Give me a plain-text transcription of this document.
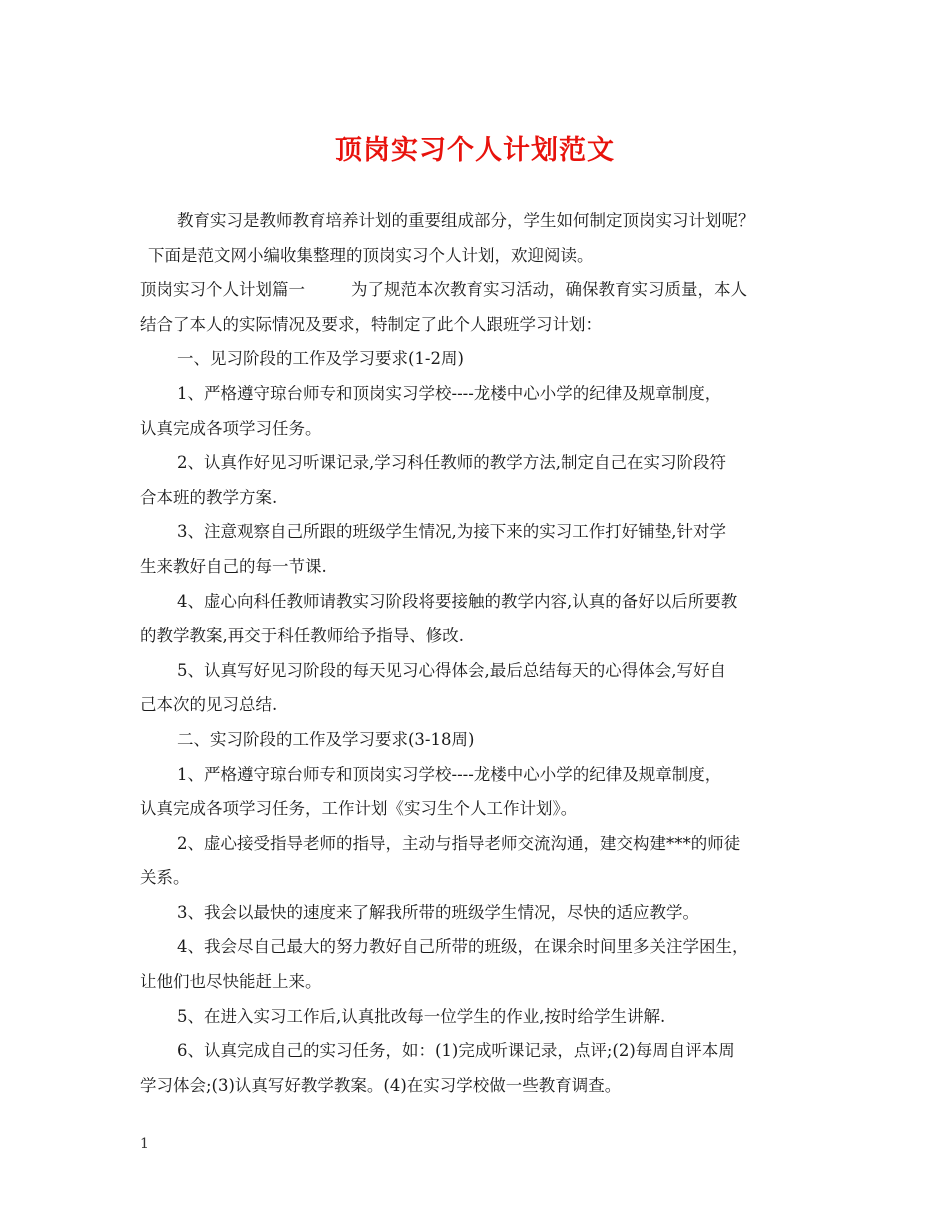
顶岗实习个人计划范文

教育实习是教师教育培养计划的重要组成部分，学生如何制定顶岗实习计划呢？

下面是范文网小编收集整理的顶岗实习个人计划，欢迎阅读。

顶岗实习个人计划篇一	为了规范本次教育实习活动，确保教育实习质量，本人

结合了本人的实际情况及要求，特制定了此个人跟班学习计划：

一、见习阶段的工作及学习要求(1-2周)

1、严格遵守琼台师专和顶岗实习学校----龙楼中心小学的纪律及规章制度，

认真完成各项学习任务。

2、认真作好见习听课记录,学习科任教师的教学方法,制定自己在实习阶段符

合本班的教学方案.

3、注意观察自己所跟的班级学生情况,为接下来的实习工作打好铺垫,针对学

生来教好自己的每一节课.

4、虚心向科任教师请教实习阶段将要接触的教学内容,认真的备好以后所要教

的教学教案,再交于科任教师给予指导、修改.

5、认真写好见习阶段的每天见习心得体会,最后总结每天的心得体会,写好自

己本次的见习总结.

二、实习阶段的工作及学习要求(3-18周)

1、严格遵守琼台师专和顶岗实习学校----龙楼中心小学的纪律及规章制度，

认真完成各项学习任务，工作计划《实习生个人工作计划》。

2、虚心接受指导老师的指导，主动与指导老师交流沟通，建交构建***的师徒

关系。

3、我会以最快的速度来了解我所带的班级学生情况，尽快的适应教学。

4、我会尽自己最大的努力教好自己所带的班级，在课余时间里多关注学困生，

让他们也尽快能赶上来。

5、在进入实习工作后,认真批改每一位学生的作业,按时给学生讲解.

6、认真完成自己的实习任务，如：(1)完成听课记录，点评;(2)每周自评本周

学习体会;(3)认真写好教学教案。(4)在实习学校做一些教育调查。

1
